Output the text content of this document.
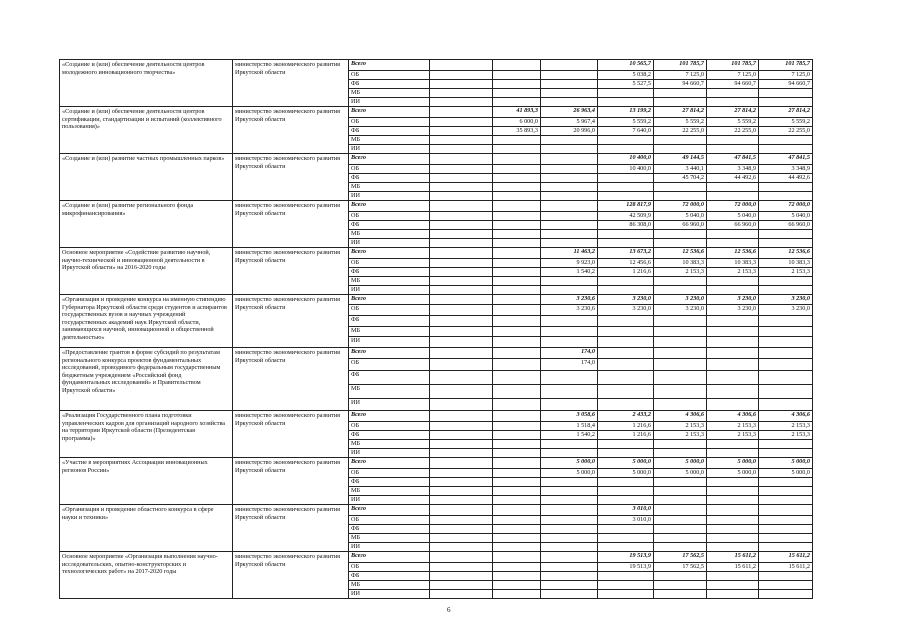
«Создание и (или) обеспечение деятельности центров молодежного инновационного творчества»	министерство экономического развития Иркутской области	Всего				10 565,7	101 785,7	101 785,7	101 785,7
		ОБ				5 038,2	7 125,0	7 125,0	7 125,0
		ФБ				5 527,5	94 660,7	94 660,7	94 660,7
		МБ							
		ИИ							
«Создание и (или) обеспечение деятельности центров сертификации, стандартизации и испытаний (коллективного пользования)»	министерство экономического развития Иркутской области	Всего		41 893,3	26 963,4	13 199,2	27 814,2	27 814,2	27 814,2
		ОБ		6 000,0	5 967,4	5 559,2	5 559,2	5 559,2	5 559,2
		ФБ		35 893,3	20 996,0	7 640,0	22 255,0	22 255,0	22 255,0
		МБ							
		ИИ							
«Создание и (или) развитие частных промышленных парков»	министерство экономического развития Иркутской области	Всего				10 400,0	49 144,5	47 841,5	47 841,5
		ОБ				10 400,0	3 440,1	3 348,9	3 348,9
		ФБ					45 704,2	44 492,6	44 492,6
		МБ							
		ИИ							
«Создание и (или) развитие регионального фонда микрофинансирования»	министерство экономического развития Иркутской области	Всего				128 817,9	72 000,0	72 000,0	72 000,0
		ОБ				42 509,9	5 040,0	5 040,0	5 040,0
		ФБ				86 308,0	66 960,0	66 960,0	66 960,0
		МБ							
		ИИ							
Основное мероприятие «Содействие развитию научной, научно-технической и инновационной деятельности в Иркутской области» на 2016-2020 годы	министерство экономического развития Иркутской области	Всего			11 463,2	13 673,2	12 536,6	12 536,6	12 536,6
		ОБ			9 923,0	12 456,6	10 383,3	10 383,3	10 383,3
		ФБ			1 540,2	1 216,6	2 153,3	2 153,3	2 153,3
		МБ							
		ИИ							
«Организация и проведение конкурса на именную стипендию Губернатора Иркутской области среди студентов и аспирантов государственных вузов и научных учреждений государственных академий наук Иркутской области, занимающихся научной, инновационной и общественной деятельностью»	министерство экономического развития Иркутской области	Всего			3 230,6	3 230,0	3 230,0	3 230,0	3 230,0
		ОБ			3 230,6	3 230,0	3 230,0	3 230,0	3 230,0
		ФБ							
		МБ							
		ИИ							
«Предоставление грантов в форме субсидий по результатам регионального конкурса проектов фундаментальных исследований, проводимого федеральным государственным бюджетным учреждением «Российский фонд фундаментальных исследований» и Правительством Иркутской области»	министерство экономического развития Иркутской области	Всего			174,0				
		ОБ			174,0				
		ФБ							
		МБ							
		ИИ							
«Реализация Государственного плана подготовки управленческих кадров для организаций народного хозяйства на территории Иркутской области (Президентская программа)»	министерство экономического развития Иркутской области	Всего			3 058,6	2 433,2	4 306,6	4 306,6	4 306,6
		ОБ			1 518,4	1 216,6	2 153,3	2 153,3	2 153,3
		ФБ			1 540,2	1 216,6	2 153,3	2 153,3	2 153,3
		МБ							
		ИИ							
«Участие в мероприятиях Ассоциации инновационных регионов России»	министерство экономического развития Иркутской области	Всего			5 000,0	5 000,0	5 000,0	5 000,0	5 000,0
		ОБ			5 000,0	5 000,0	5 000,0	5 000,0	5 000,0
		ФБ							
		МБ							
		ИИ							
«Организация и проведение областного конкурса в сфере науки и техники»	министерство экономического развития Иркутской области	Всего				3 010,0			
		ОБ				3 010,0			
		ФБ							
		МБ							
		ИИ							
Основное мероприятие «Организация выполнения научно-исследовательских, опытно-конструкторских и технологических работ» на 2017-2020 годы	министерство экономического развития Иркутской области	Всего				19 513,9	17 562,5	15 611,2	15 611,2
		ОБ				19 513,9	17 562,5	15 611,2	15 611,2
		ФБ							
		МБ							
		ИИ							
6
